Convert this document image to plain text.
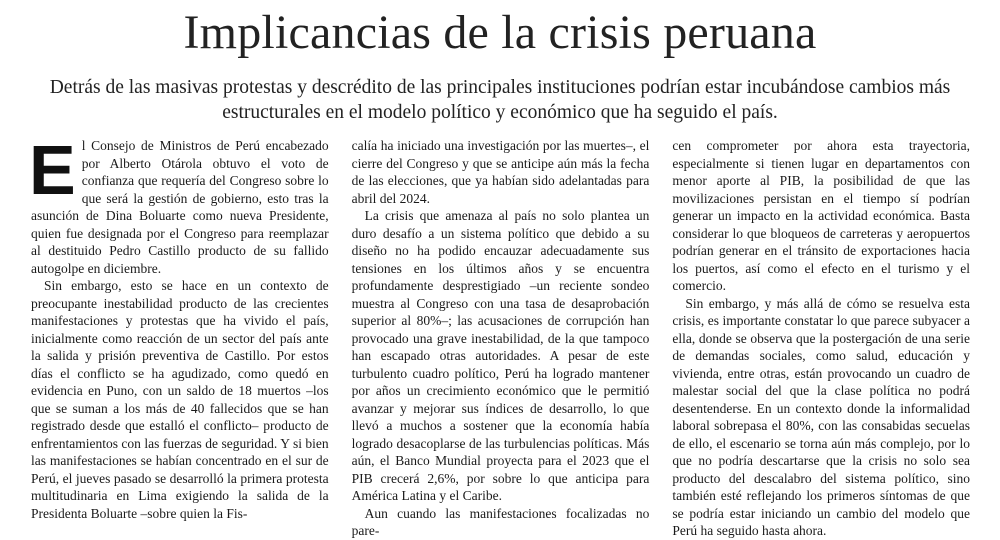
Implicancias de la crisis peruana

Detrás de las masivas protestas y descrédito de las principales instituciones podrían estar incubándose cambios más estructurales en el modelo político y económico que ha seguido el país.

El Consejo de Ministros de Perú encabezado por Alberto Otárola obtuvo el voto de confianza que requería del Congreso sobre lo que será la gestión de gobierno, esto tras la asunción de Dina Boluarte como nueva Presidente, quien fue designada por el Congreso para reemplazar al destituido Pedro Castillo producto de su fallido autogolpe en diciembre.

Sin embargo, esto se hace en un contexto de preocupante inestabilidad producto de las crecientes manifestaciones y protestas que ha vivido el país, inicialmente como reacción de un sector del país ante la salida y prisión preventiva de Castillo. Por estos días el conflicto se ha agudizado, como quedó en evidencia en Puno, con un saldo de 18 muertos –los que se suman a los más de 40 fallecidos que se han registrado desde que estalló el conflicto– producto de enfrentamientos con las fuerzas de seguridad. Y si bien las manifestaciones se habían concentrado en el sur de Perú, el jueves pasado se desarrolló la primera protesta multitudinaria en Lima exigiendo la salida de la Presidenta Boluarte –sobre quien la Fis-

calía ha iniciado una investigación por las muertes–, el cierre del Congreso y que se anticipe aún más la fecha de las elecciones, que ya habían sido adelantadas para abril del 2024.

La crisis que amenaza al país no solo plantea un duro desafío a un sistema político que debido a su diseño no ha podido encauzar adecuadamente sus tensiones en los últimos años y se encuentra profundamente desprestigiado –un reciente sondeo muestra al Congreso con una tasa de desaprobación superior al 80%–; las acusaciones de corrupción han provocado una grave inestabilidad, de la que tampoco han escapado otras autoridades. A pesar de este turbulento cuadro político, Perú ha logrado mantener por años un crecimiento económico que le permitió avanzar y mejorar sus índices de desarrollo, lo que llevó a muchos a sostener que la economía había logrado desacoplarse de las turbulencias políticas. Más aún, el Banco Mundial proyecta para el 2023 que el PIB crecerá 2,6%, por sobre lo que anticipa para América Latina y el Caribe.

Aun cuando las manifestaciones focalizadas no pare-

cen comprometer por ahora esta trayectoria, especialmente si tienen lugar en departamentos con menor aporte al PIB, la posibilidad de que las movilizaciones persistan en el tiempo sí podrían generar un impacto en la actividad económica. Basta considerar lo que bloqueos de carreteras y aeropuertos podrían generar en el tránsito de exportaciones hacia los puertos, así como el efecto en el turismo y el comercio.

Sin embargo, y más allá de cómo se resuelva esta crisis, es importante constatar lo que parece subyacer a ella, donde se observa que la postergación de una serie de demandas sociales, como salud, educación y vivienda, entre otras, están provocando un cuadro de malestar social del que la clase política no podrá desentenderse. En un contexto donde la informalidad laboral sobrepasa el 80%, con las consabidas secuelas de ello, el escenario se torna aún más complejo, por lo que no podría descartarse que la crisis no solo sea producto del descalabro del sistema político, sino también esté reflejando los primeros síntomas de que se podría estar iniciando un cambio del modelo que Perú ha seguido hasta ahora.
